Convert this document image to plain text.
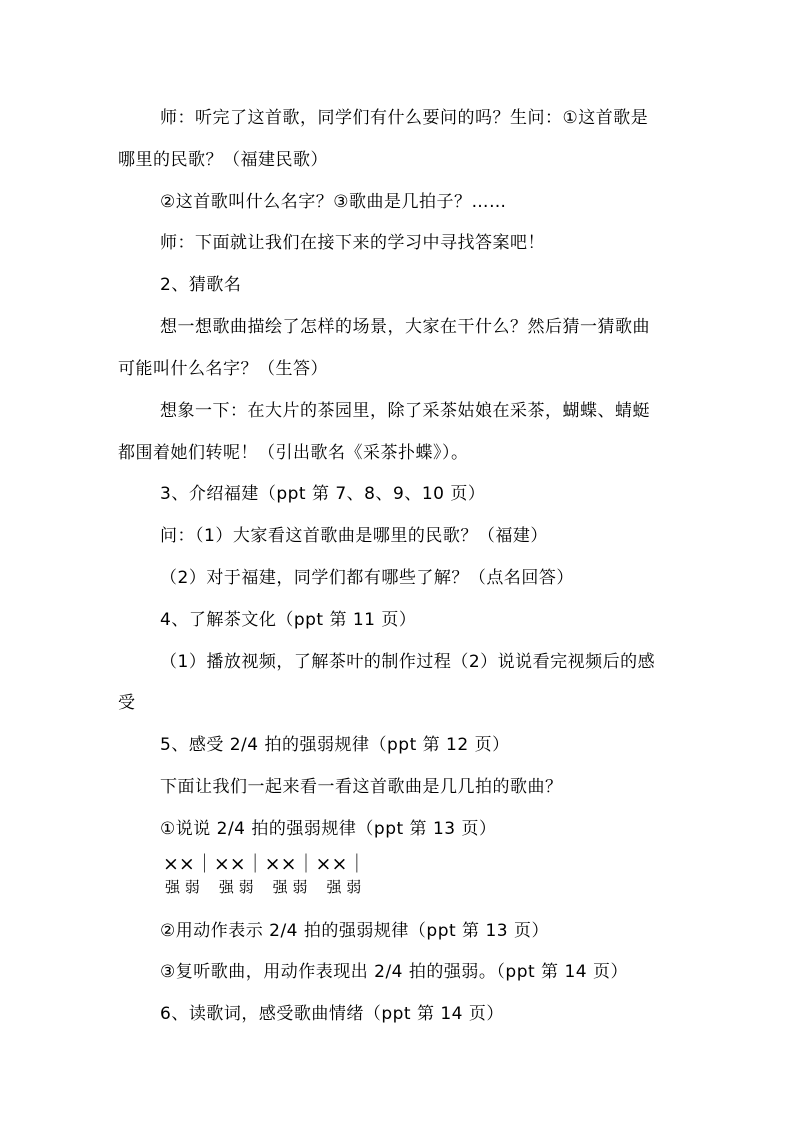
师：听完了这首歌，同学们有什么要问的吗？生问：①这首歌是
哪里的民歌？（福建民歌）
②这首歌叫什么名字？③歌曲是几拍子？……
师：下面就让我们在接下来的学习中寻找答案吧！
2、猜歌名
想一想歌曲描绘了怎样的场景，大家在干什么？然后猜一猜歌曲
可能叫什么名字？（生答）
想象一下：在大片的茶园里，除了采茶姑娘在采茶，蝴蝶、蜻蜓
都围着她们转呢！（引出歌名《采茶扑蝶》）。
3、介绍福建（ppt 第 7、8、9、10 页）
问：（1）大家看这首歌曲是哪里的民歌？（福建）
（2）对于福建，同学们都有哪些了解？（点名回答）
4、了解茶文化（ppt 第 11 页）
（1）播放视频，了解茶叶的制作过程（2）说说看完视频后的感
受
5、感受 2/4 拍的强弱规律（ppt 第 12 页）
下面让我们一起来看一看这首歌曲是几几拍的歌曲？
①说说 2/4 拍的强弱规律（ppt 第 13 页）
××｜××｜××｜××｜
强 弱    强 弱    强 弱    强 弱
②用动作表示 2/4 拍的强弱规律（ppt 第 13 页）
③复听歌曲，用动作表现出 2/4 拍的强弱。（ppt 第 14 页）
6、读歌词，感受歌曲情绪（ppt 第 14 页）
